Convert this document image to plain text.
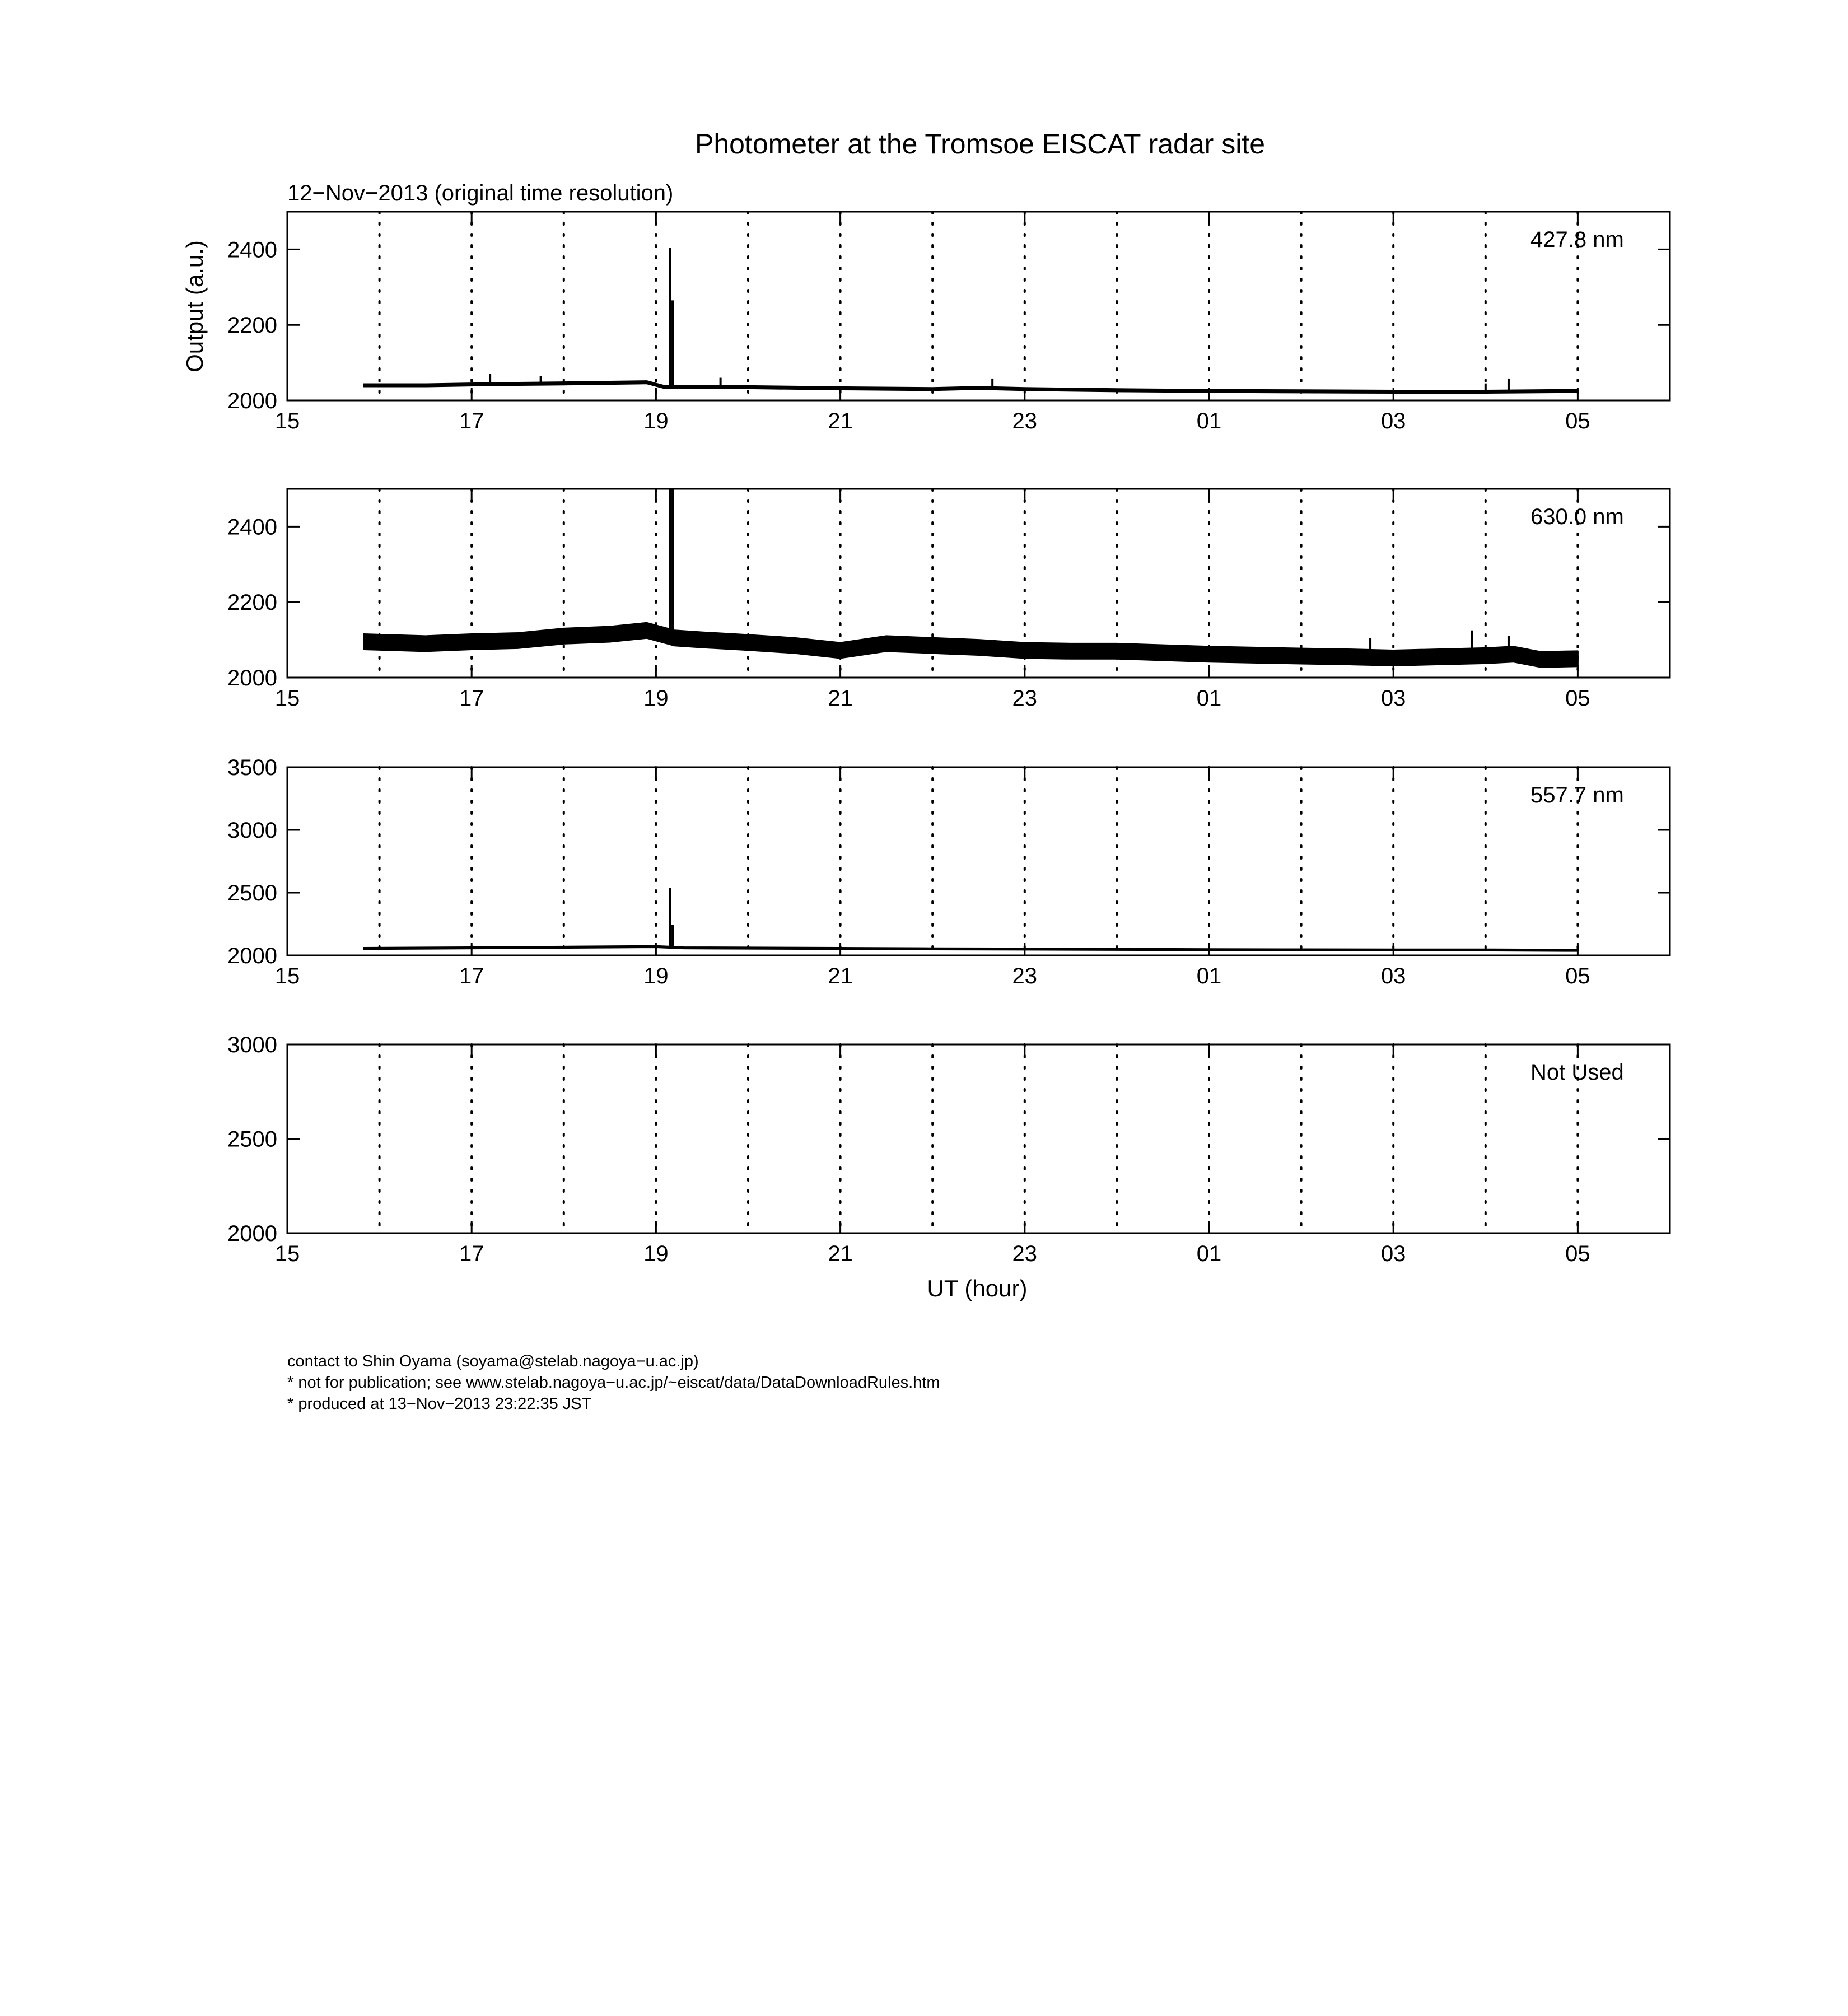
Photometer at the Tromsoe EISCAT radar site
12−Nov−2013 (original time resolution)
15	17	19	21	23	01	03	05
2000
2200
2400	427.8 nm
15	17	19	21	23	01	03	05
2000
2200
2400	630.0 nm
15	17	19	21	23	01	03	05
2000
2500
3000
3500
557.7 nm
15	17	19	21	23	01	03	05
2000
2500
3000
Not Used
Output (a.u.)
UT (hour)
contact to Shin Oyama (soyama@stelab.nagoya−u.ac.jp)
* not for publication; see www.stelab.nagoya−u.ac.jp/~eiscat/data/DataDownloadRules.htm
* produced at 13−Nov−2013 23:22:35 JST
